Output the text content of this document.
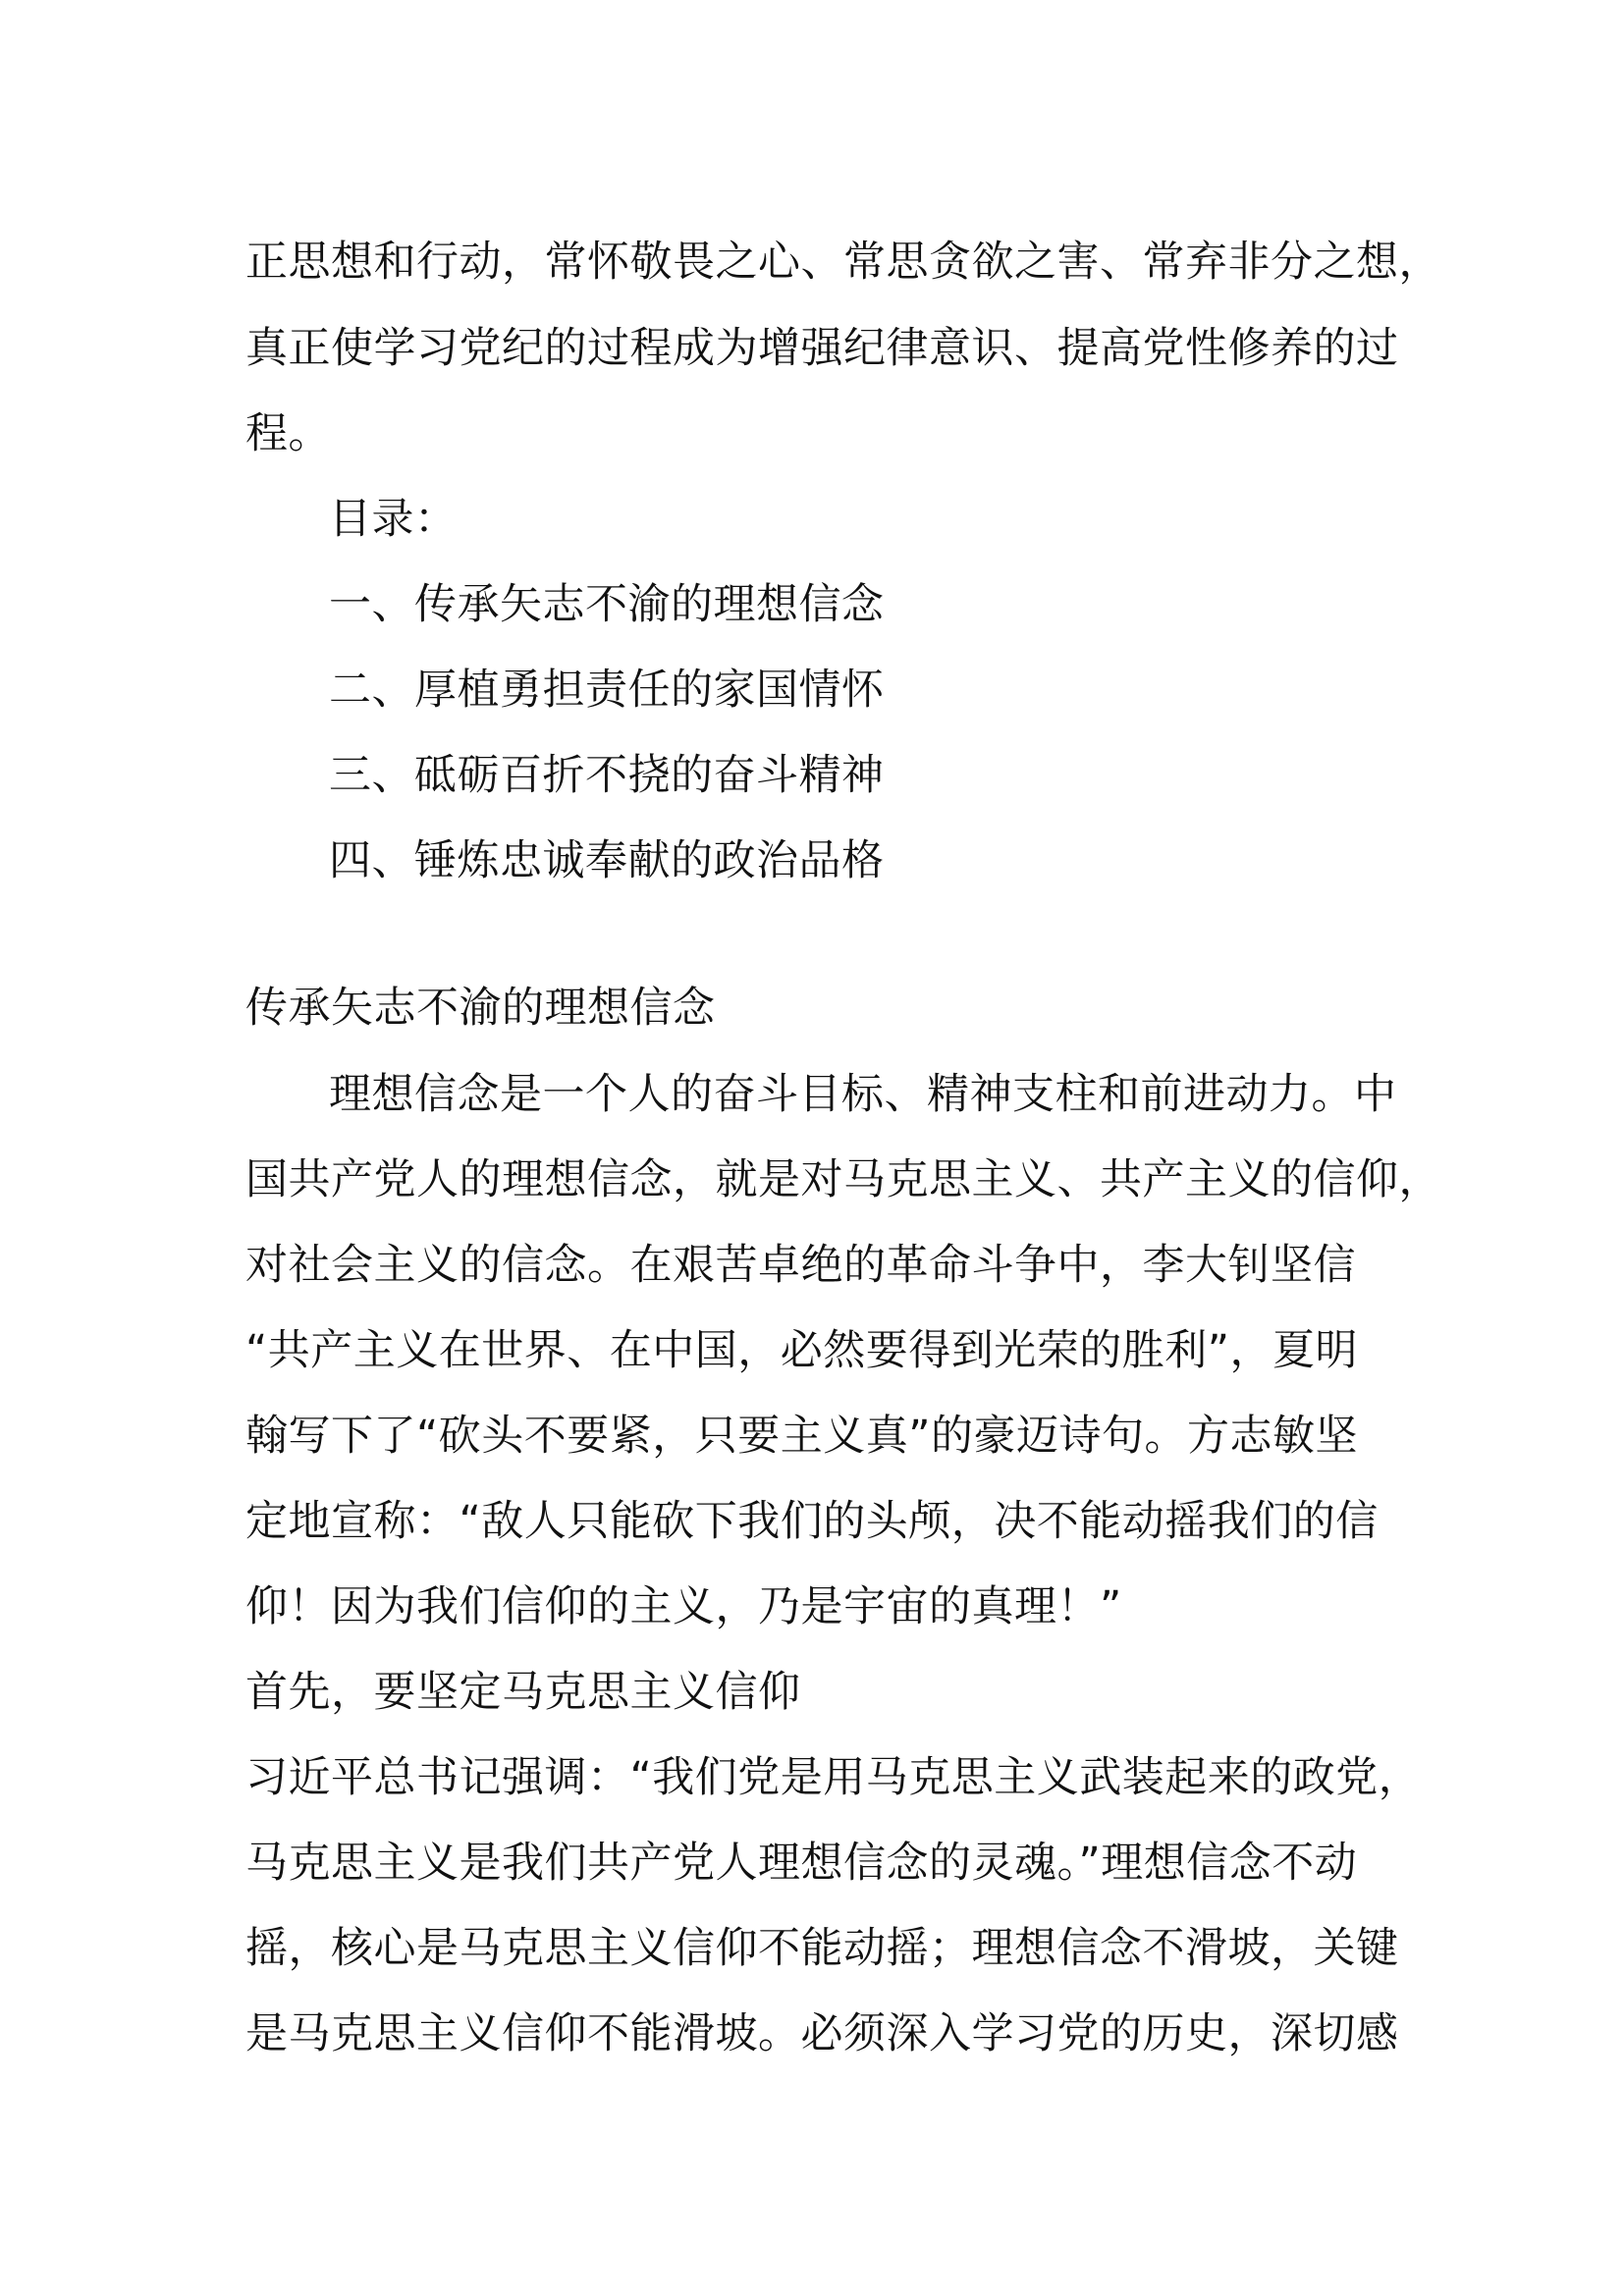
正思想和行动，常怀敬畏之心、常思贪欲之害、常弃非分之想，
真正使学习党纪的过程成为增强纪律意识、提高党性修养的过
程。
目录：
一、传承矢志不渝的理想信念
二、厚植勇担责任的家国情怀
三、砥砺百折不挠的奋斗精神
四、锤炼忠诚奉献的政治品格
传承矢志不渝的理想信念
理想信念是一个人的奋斗目标、精神支柱和前进动力。中
国共产党人的理想信念，就是对马克思主义、共产主义的信仰，
对社会主义的信念。在艰苦卓绝的革命斗争中，李大钊坚信
“共产主义在世界、在中国，必然要得到光荣的胜利”，夏明
翰写下了“砍头不要紧，只要主义真”的豪迈诗句。方志敏坚
定地宣称：“敌人只能砍下我们的头颅，决不能动摇我们的信
仰！因为我们信仰的主义，乃是宇宙的真理！”
首先，要坚定马克思主义信仰
习近平总书记强调：“我们党是用马克思主义武装起来的政党，
马克思主义是我们共产党人理想信念的灵魂。”理想信念不动
摇，核心是马克思主义信仰不能动摇；理想信念不滑坡，关键
是马克思主义信仰不能滑坡。必须深入学习党的历史，深切感
